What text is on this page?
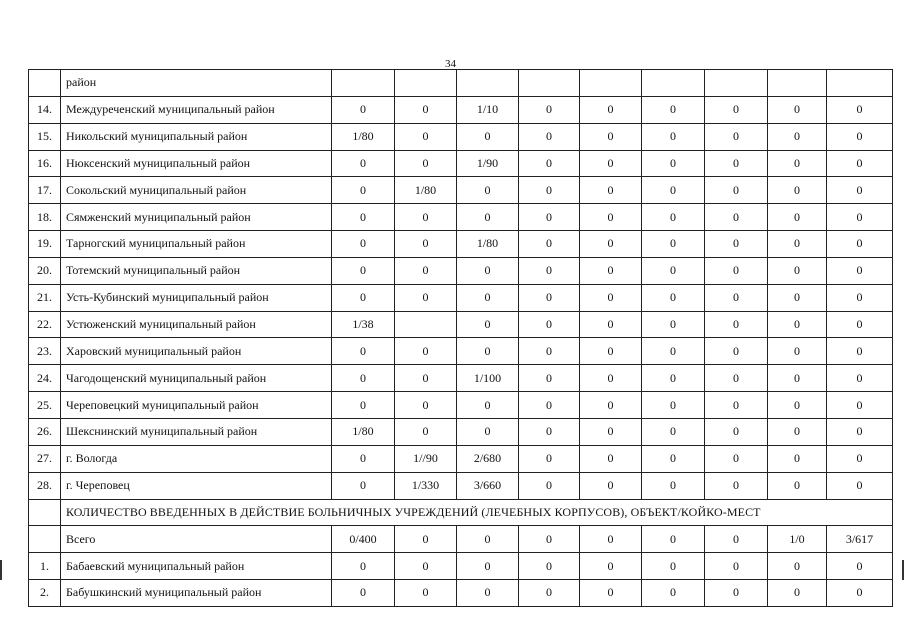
34
	район									
14.	Междуреченский муниципальный район	0	0	1/10	0	0	0	0	0	0
15.	Никольский муниципальный район	1/80	0	0	0	0	0	0	0	0
16.	Нюксенский муниципальный район	0	0	1/90	0	0	0	0	0	0
17.	Сокольский муниципальный район	0	1/80	0	0	0	0	0	0	0
18.	Сямженский муниципальный район	0	0	0	0	0	0	0	0	0
19.	Тарногский муниципальный район	0	0	1/80	0	0	0	0	0	0
20.	Тотемский муниципальный район	0	0	0	0	0	0	0	0	0
21.	Усть-Кубинский муниципальный район	0	0	0	0	0	0	0	0	0
22.	Устюженский муниципальный район	1/38		0	0	0	0	0	0	0
23.	Харовский муниципальный район	0	0	0	0	0	0	0	0	0
24.	Чагодощенский муниципальный район	0	0	1/100	0	0	0	0	0	0
25.	Череповецкий муниципальный район	0	0	0	0	0	0	0	0	0
26.	Шекснинский муниципальный район	1/80	0	0	0	0	0	0	0	0
27.	г. Вологда	0	1//90	2/680	0	0	0	0	0	0
28.	г. Череповец	0	1/330	3/660	0	0	0	0	0	0
	КОЛИЧЕСТВО ВВЕДЕННЫХ В ДЕЙСТВИЕ БОЛЬНИЧНЫХ УЧРЕЖДЕНИЙ (ЛЕЧЕБНЫХ КОРПУСОВ), ОБЪЕКТ/КОЙКО-МЕСТ									
	Всего	0/400	0	0	0	0	0	0	1/0	3/617
1.	Бабаевский муниципальный район	0	0	0	0	0	0	0	0	0
2.	Бабушкинский муниципальный район	0	0	0	0	0	0	0	0	0
